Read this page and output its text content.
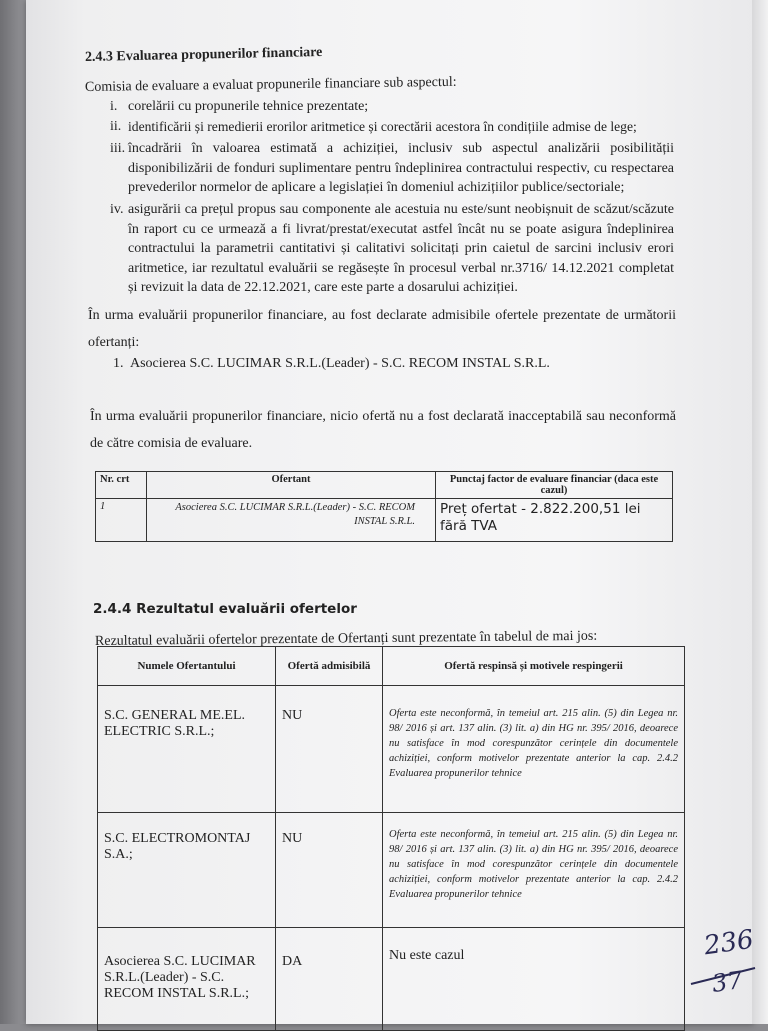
2.4.3 Evaluarea propunerilor financiare
Comisia de evaluare a evaluat propunerile financiare sub aspectul:
i. corelării cu propunerile tehnice prezentate;
ii. identificării și remedierii erorilor aritmetice și corectării acestora în condițiile admise de lege;
iii. încadrării în valoarea estimată a achiziției, inclusiv sub aspectul analizării posibilității disponibilizării de fonduri suplimentare pentru îndeplinirea contractului respectiv, cu respectarea prevederilor normelor de aplicare a legislației în domeniul achizițiilor publice/sectoriale;
iv. asigurării ca prețul propus sau componente ale acestuia nu este/sunt neobișnuit de scăzut/scăzute în raport cu ce urmează a fi livrat/prestat/executat astfel încât nu se poate asigura îndeplinirea contractului la parametrii cantitativi și calitativi solicitați prin caietul de sarcini inclusiv erori aritmetice, iar rezultatul evaluării se regăsește în procesul verbal nr.3716/ 14.12.2021 completat și revizuit la data de 22.12.2021, care este parte a dosarului achiziției.
În urma evaluării propunerilor financiare, au fost declarate admisibile ofertele prezentate de următorii ofertanți:
1. Asocierea S.C. LUCIMAR S.R.L.(Leader) - S.C. RECOM INSTAL S.R.L.
În urma evaluării propunerilor financiare, nicio ofertă nu a fost declarată inacceptabilă sau neconformă de către comisia de evaluare.
Nr. crt	Ofertant	Punctaj factor de evaluare financiar (daca este cazul)
1	Asocierea S.C. LUCIMAR S.R.L.(Leader) - S.C. RECOM INSTAL S.R.L.	Preț ofertat - 2.822.200,51 lei fără TVA
2.4.4 Rezultatul evaluării ofertelor
Rezultatul evaluării ofertelor prezentate de Ofertanți sunt prezentate în tabelul de mai jos:
Numele Ofertantului	Ofertă admisibilă	Ofertă respinsă și motivele respingerii
S.C. GENERAL ME.EL. ELECTRIC S.R.L.;	NU	Oferta este neconformă, în temeiul art. 215 alin. (5) din Legea nr. 98/ 2016 și art. 137 alin. (3) lit. a) din HG nr. 395/ 2016, deoarece nu satisface în mod corespunzător cerințele din documentele achiziției, conform motivelor prezentate anterior la cap. 2.4.2 Evaluarea propunerilor tehnice
S.C. ELECTROMONTAJ S.A.;	NU	Oferta este neconformă, în temeiul art. 215 alin. (5) din Legea nr. 98/ 2016 și art. 137 alin. (3) lit. a) din HG nr. 395/ 2016, deoarece nu satisface în mod corespunzător cerințele din documentele achiziției, conform motivelor prezentate anterior la cap. 2.4.2 Evaluarea propunerilor tehnice
Asocierea S.C. LUCIMAR S.R.L.(Leader) - S.C. RECOM INSTAL S.R.L.;	DA	Nu este cazul	236
37
